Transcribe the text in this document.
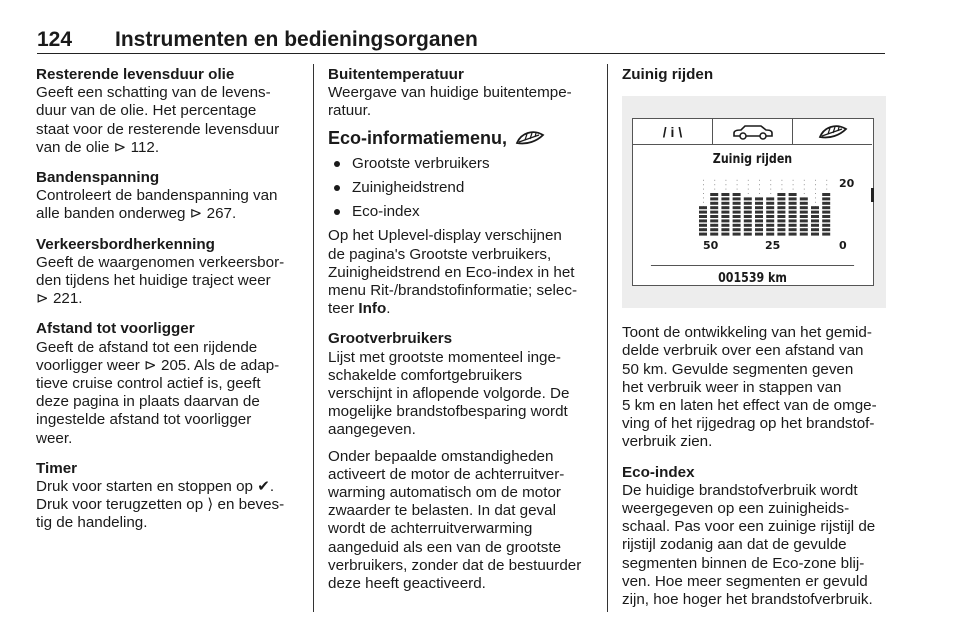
124 Instrumenten en bedieningsorganen

Resterende levensduur olie

Geeft een schatting van de levens-

duur van de olie. Het percentage

staat voor de resterende levensduur

van de olie ⊳ 112.

Bandenspanning

Controleert de bandenspanning van

alle banden onderweg ⊳ 267.

Verkeersbordherkenning

Geeft de waargenomen verkeersbor-

den tijdens het huidige traject weer

⊳ 221.

Afstand tot voorligger

Geeft de afstand tot een rijdende

voorligger weer ⊳ 205. Als de adap-

tieve cruise control actief is, geeft

deze pagina in plaats daarvan de

ingestelde afstand tot voorligger

weer.

Timer

Druk voor starten en stoppen op ✔.

Druk voor terugzetten op ⟩ en beves-

tig de handeling.

Buitentemperatuur

Weergave van huidige buitentempe-

ratuur.

Eco-informatiemenu,
Grootste verbruikers
Zuinigheidstrend
Eco-index

Op het Uplevel-display verschijnen

de pagina's Grootste verbruikers,

Zuinigheidstrend en Eco-index in het

menu Rit-/brandstofinformatie; selec-

teer Info.

Grootverbruikers

Lijst met grootste momenteel inge-

schakelde comfortgebruikers

verschijnt in aflopende volgorde. De

mogelijke brandstofbesparing wordt

aangegeven.

Onder bepaalde omstandigheden

activeert de motor de achterruitver-

warming automatisch om de motor

zwaarder te belasten. In dat geval

wordt de achterruitverwarming

aangeduid als een van de grootste

verbruikers, zonder dat de bestuurder

deze heeft geactiveerd.

Zuinig rijden

/ i \
Zuinig rijden
20
50	25	0
001539 km

Toont de ontwikkeling van het gemid-

delde verbruik over een afstand van

50 km. Gevulde segmenten geven

het verbruik weer in stappen van

5 km en laten het effect van de omge-

ving of het rijgedrag op het brandstof-

verbruik zien.

Eco-index

De huidige brandstofverbruik wordt

weergegeven op een zuinigheids-

schaal. Pas voor een zuinige rijstijl de

rijstijl zodanig aan dat de gevulde

segmenten binnen de Eco-zone blij-

ven. Hoe meer segmenten er gevuld

zijn, hoe hoger het brandstofverbruik.
